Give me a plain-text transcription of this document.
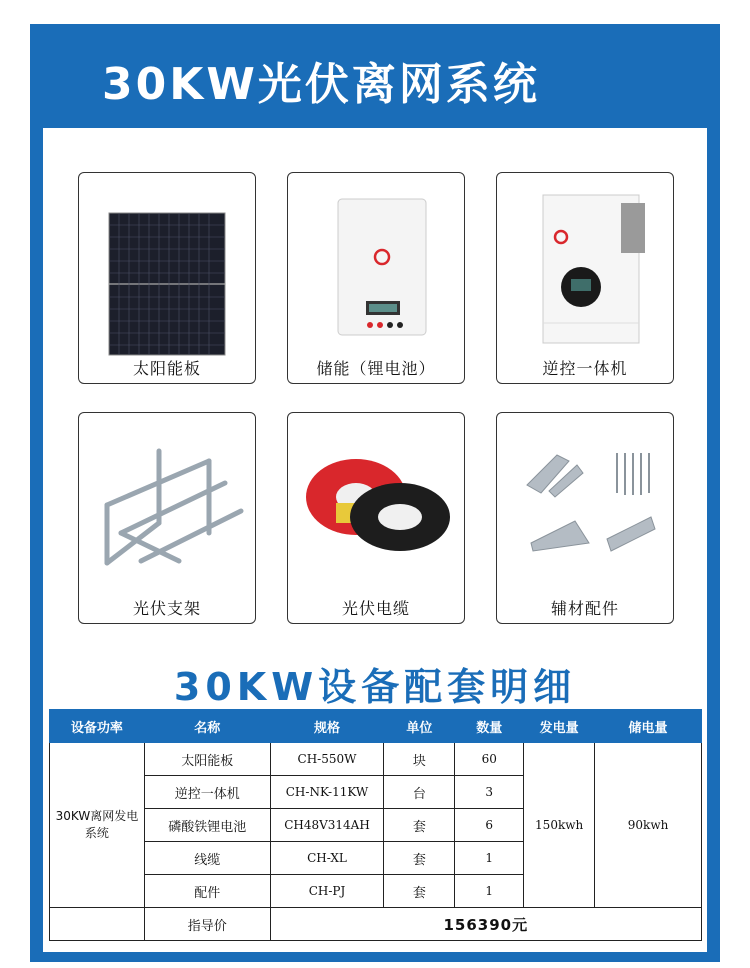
30KW光伏离网系统
太阳能板	储能（锂电池）	逆控一体机
光伏支架	光伏电缆	辅材配件
30KW设备配套明细
设备功率	名称	规格	单位	数量	发电量	储电量
30KW离网发电系统	太阳能板	CH-550W	块	60	150kwh	90kwh
	逆控一体机	CH-NK-11KW	台	3		
	磷酸铁锂电池	CH48V314AH	套	6		
	线缆	CH-XL	套	1		
	配件	CH-PJ	套	1		
	指导价	156390元				
